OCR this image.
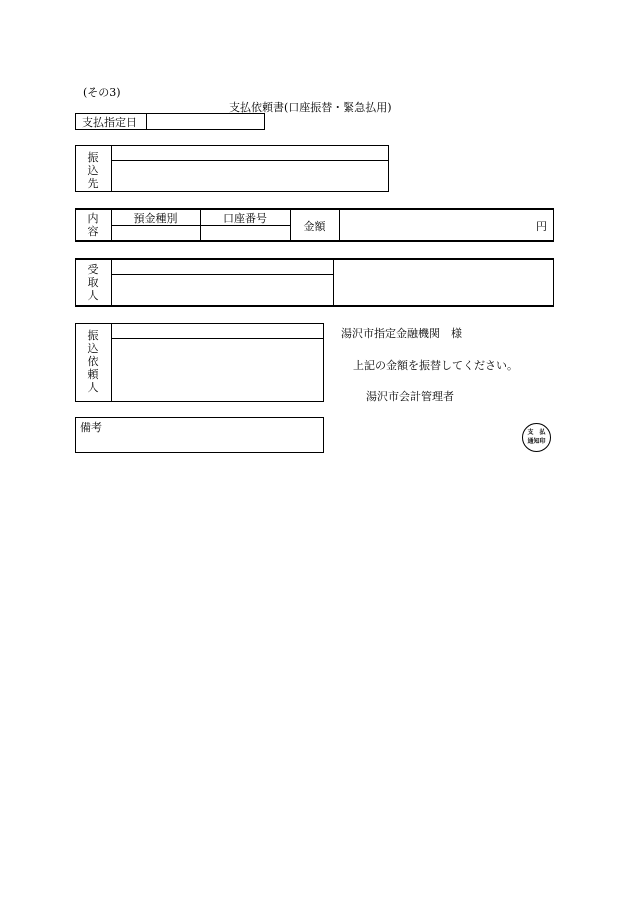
(その3)
支払依頼書(口座振替・緊急払用)
支払指定日
振
込
先
内
容
預金種別	口座番号
金額	円
受
取
人
振
込
依
頼
人
湯沢市指定金融機関　様
上記の金額を振替してください。
湯沢市会計管理者
備考	支　払
通知印
